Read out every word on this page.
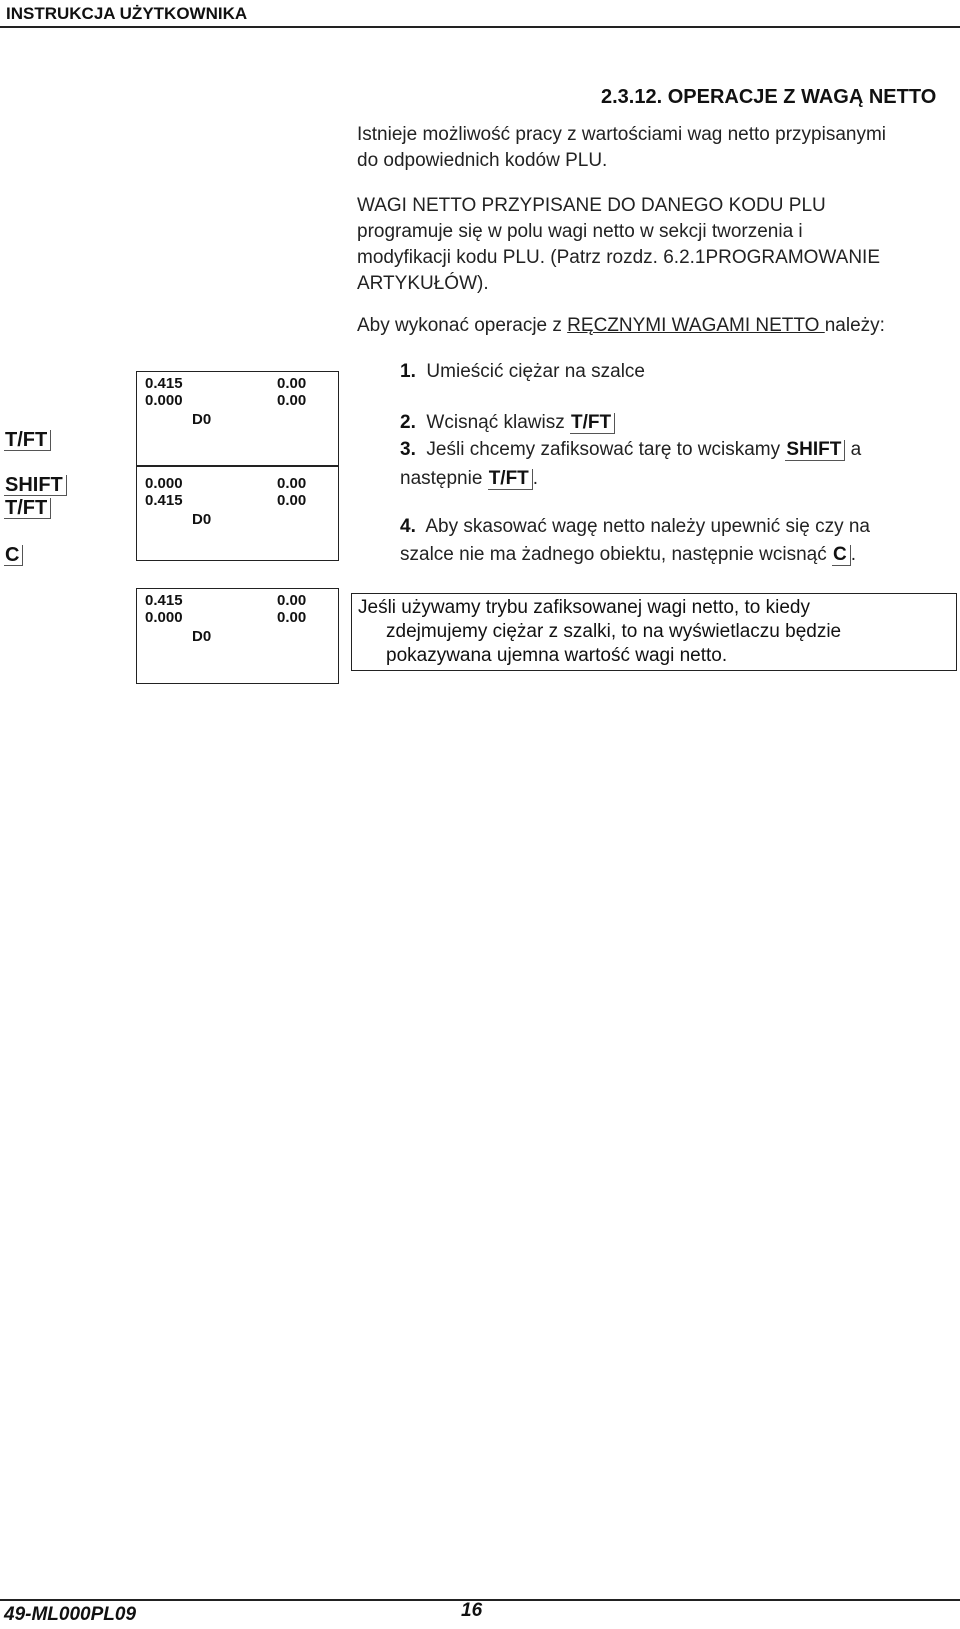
INSTRUKCJA UŻYTKOWNIKA
2.3.12. OPERACJE Z WAGĄ NETTO
Istnieje możliwość pracy z wartościami wag netto przypisanymi
do odpowiednich kodów PLU.
WAGI NETTO PRZYPISANE DO DANEGO KODU PLU
programuje się w polu wagi netto w sekcji tworzenia i
modyfikacji kodu PLU. (Patrz rozdz. 6.2.1PROGRAMOWANIE
ARTYKUŁÓW).
Aby wykonać operacje z RĘCZNYMI WAGAMI NETTO należy:
T/FT
SHIFT
T/FT
C
0.415	0.00
0.000	0.00
D0
0.000	0.00
0.415	0.00
D0
0.415	0.00
0.000	0.00
D0
1. Umieścić ciężar na szalce
2. Wcisnąć klawisz T/FT
3. Jeśli chcemy zafiksować tarę to wciskamy SHIFT a
następnie T/FT .
4. Aby skasować wagę netto należy upewnić się czy na
szalce nie ma żadnego obiektu, następnie wcisnąć C .
Jeśli używamy trybu zafiksowanej wagi netto, to kiedy
zdejmujemy ciężar z szalki, to na wyświetlaczu będzie
pokazywana ujemna wartość wagi netto.
49-ML000PL09	16
